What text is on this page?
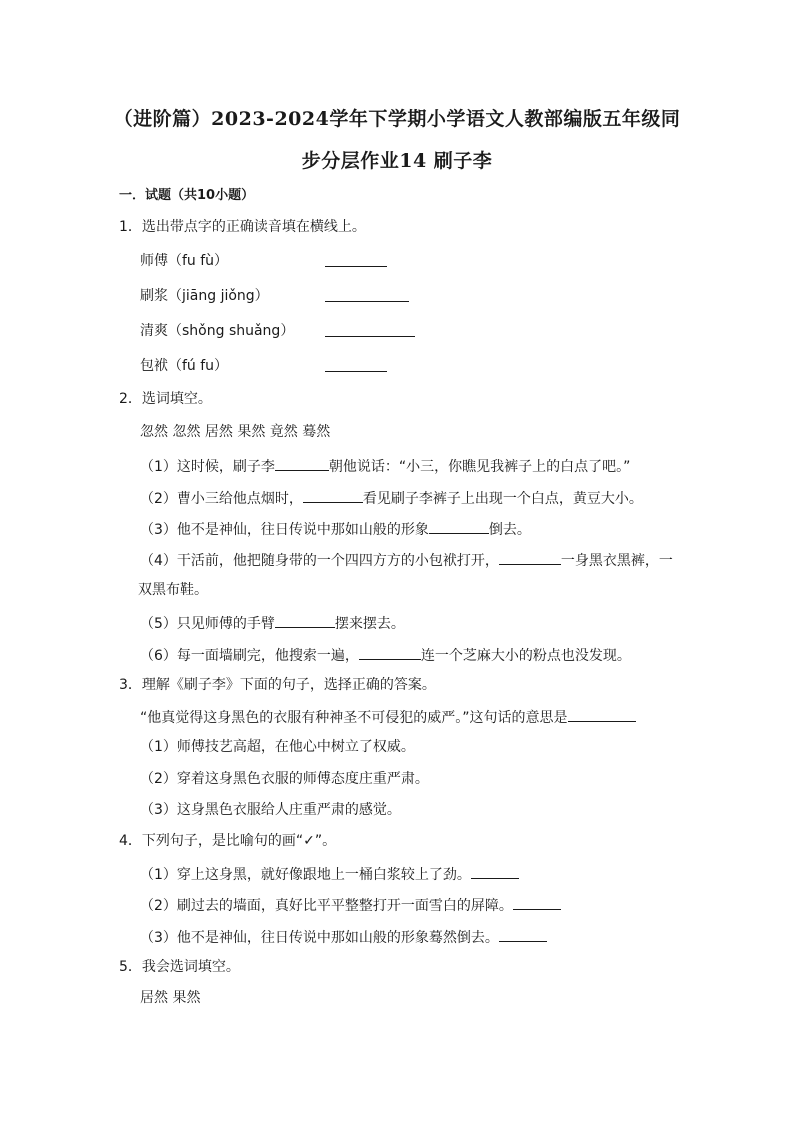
（进阶篇）2023-2024学年下学期小学语文人教部编版五年级同
步分层作业14 刷子李
一．试题（共10小题）
1．选出带点字的正确读音填在横线上。
师傅（fu fù）
刷浆（jiāng jiǒng）
清爽（shǒng shuǎng）
包袱（fú fu）
2．选词填空。
忽然 忽然 居然 果然 竟然 蓦然
（1）这时候，刷子李	朝他说话：“小三，你瞧见我裤子上的白点了吧。”
（2）曹小三给他点烟时，	看见刷子李裤子上出现一个白点，黄豆大小。
（3）他不是神仙，往日传说中那如山般的形象	倒去。
（4）干活前，他把随身带的一个四四方方的小包袱打开，	一身黑衣黑裤，一
双黑布鞋。
（5）只见师傅的手臂	摆来摆去。
（6）每一面墙刷完，他搜索一遍，	连一个芝麻大小的粉点也没发现。
3．理解《刷子李》下面的句子，选择正确的答案。
“他真觉得这身黑色的衣服有种神圣不可侵犯的威严。”这句话的意思是
（1）师傅技艺高超，在他心中树立了权威。
（2）穿着这身黑色衣服的师傅态度庄重严肃。
（3）这身黑色衣服给人庄重严肃的感觉。
4．下列句子，是比喻句的画“✓”。
（1）穿上这身黑，就好像跟地上一桶白浆较上了劲。
（2）刷过去的墙面，真好比平平整整打开一面雪白的屏障。
（3）他不是神仙，往日传说中那如山般的形象蓦然倒去。
5．我会选词填空。
居然 果然
